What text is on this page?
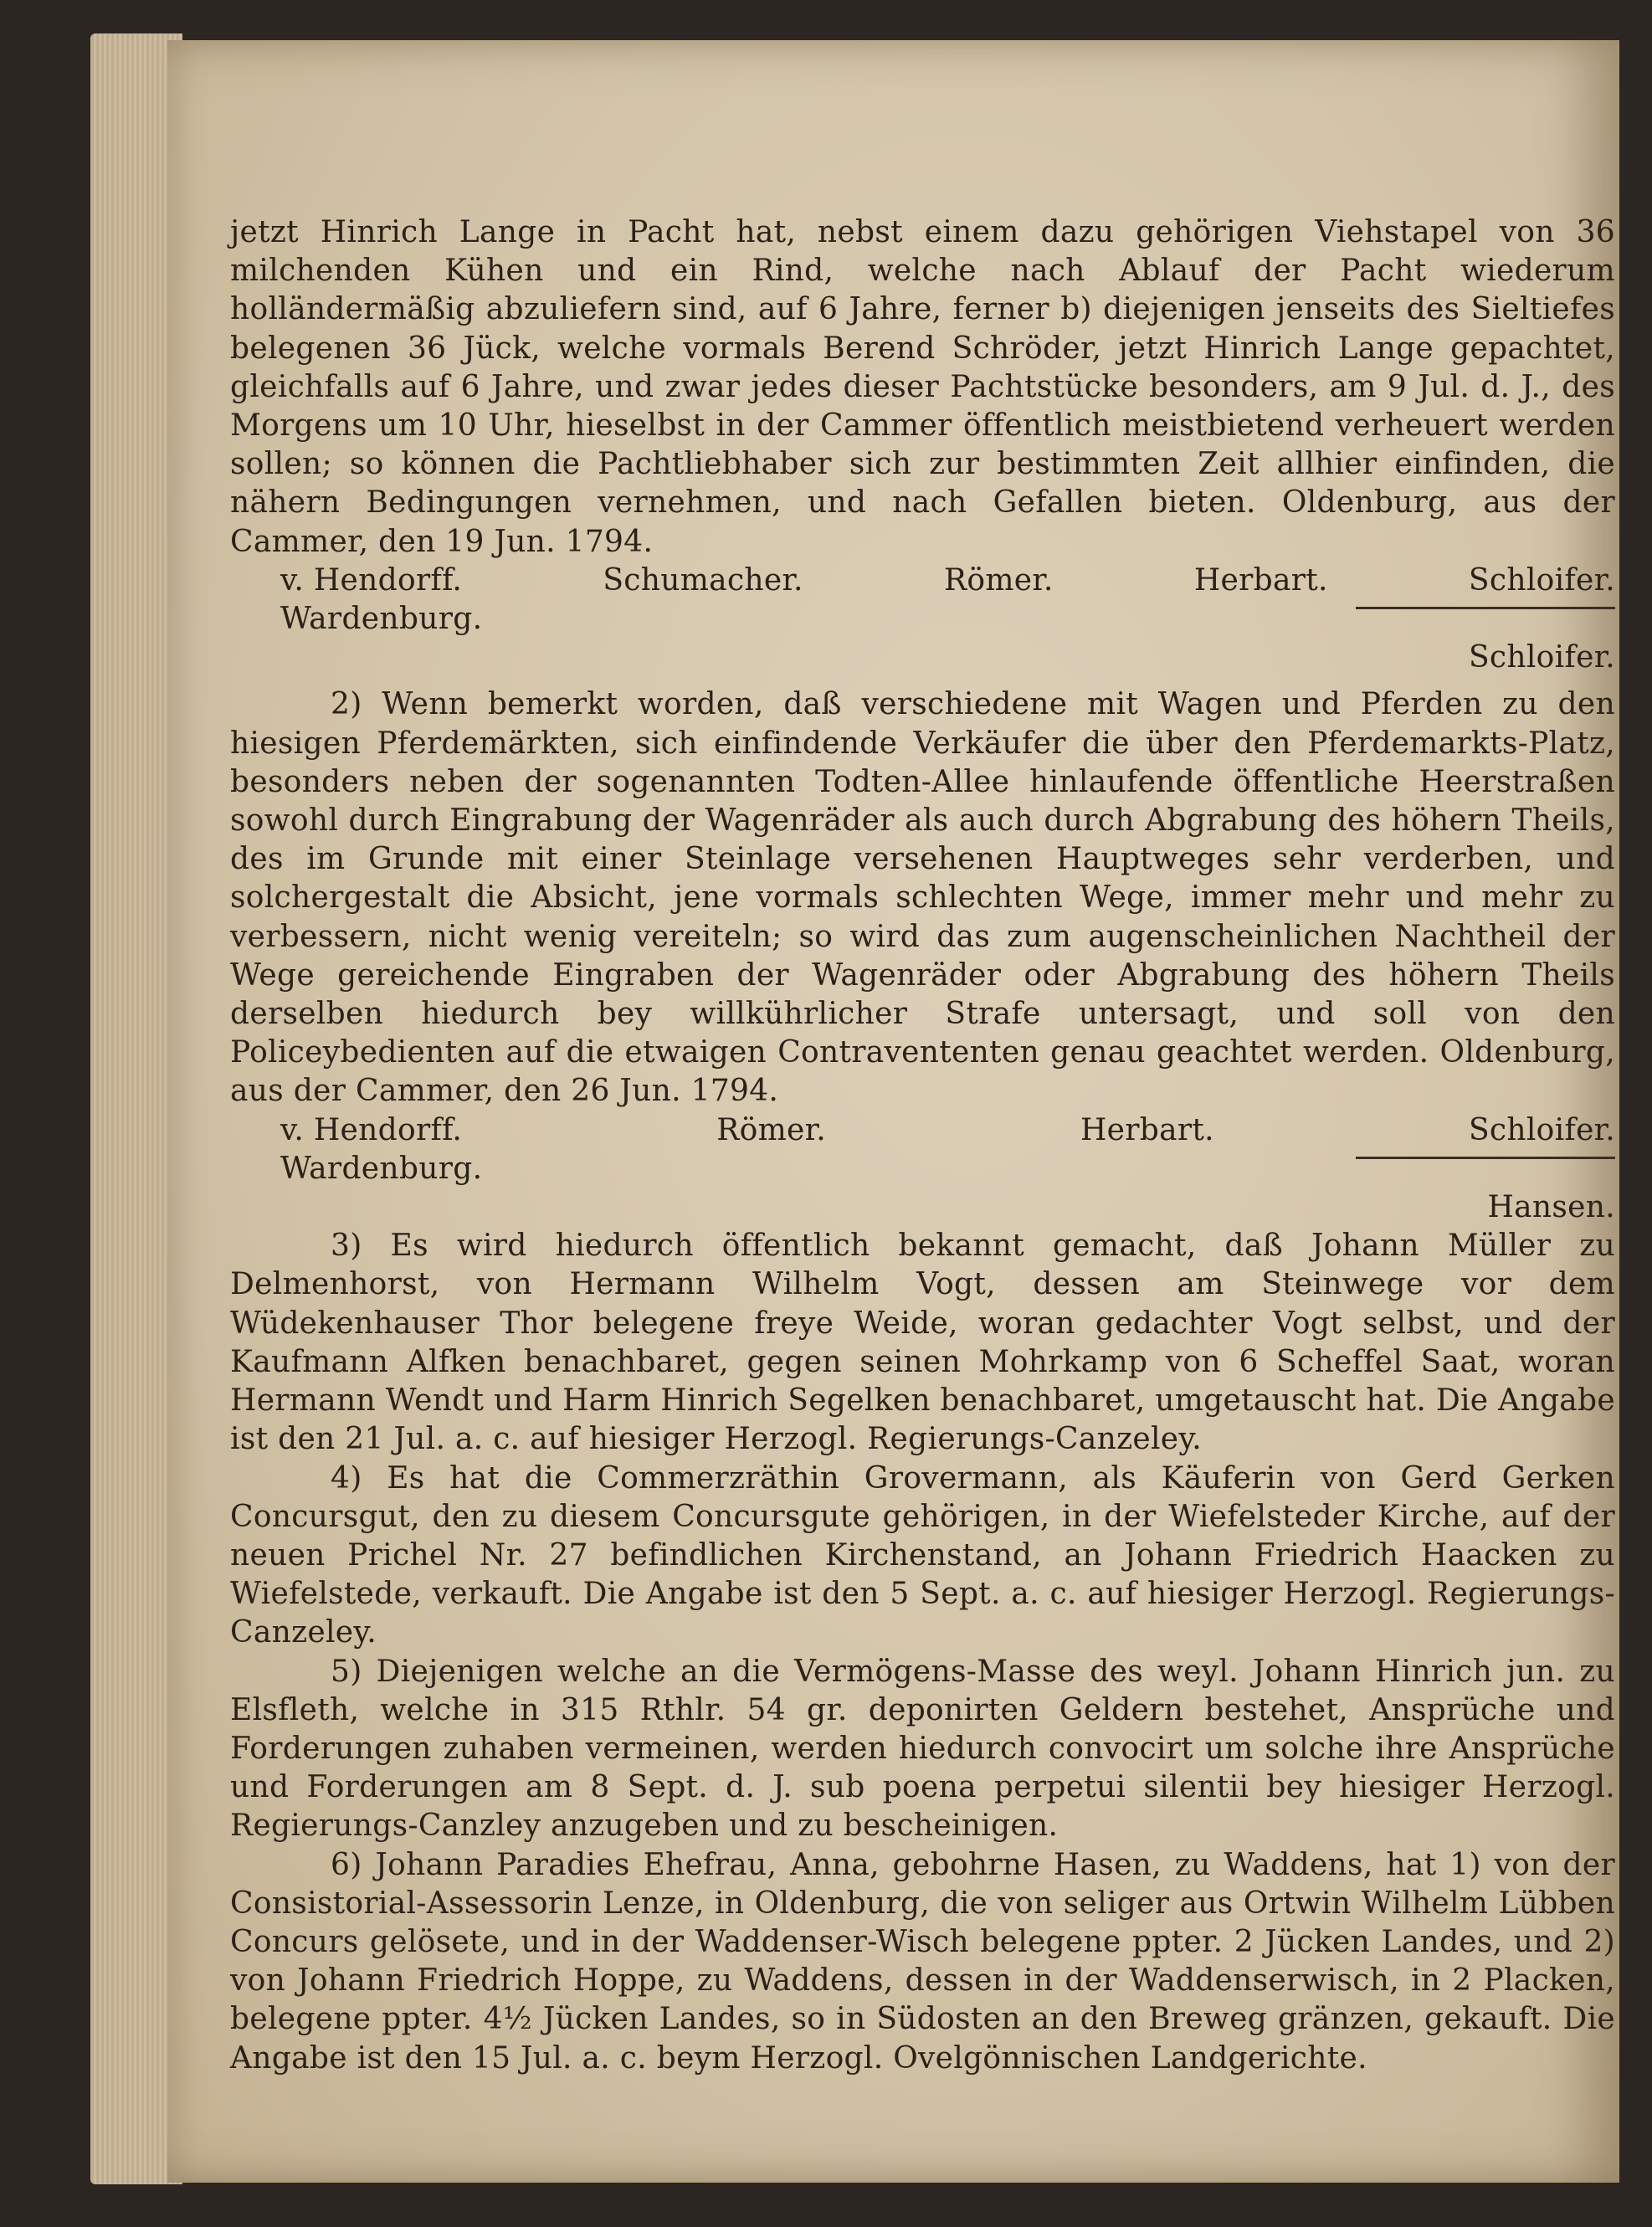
jetzt Hinrich Lange in Pacht hat, nebst einem dazu gehörigen Viehstapel von 36 milchenden Kühen und ein Rind, welche nach Ablauf der Pacht wiederum holländermäßig abzuliefern sind, auf 6 Jahre, ferner b) diejenigen jenseits des Sieltiefes belegenen 36 Jück, welche vormals Berend Schröder, jetzt Hinrich Lange gepachtet, gleichfalls auf 6 Jahre, und zwar jedes dieser Pachtstücke besonders, am 9 Jul. d. J., des Morgens um 10 Uhr, hieselbst in der Cammer öffentlich meistbietend verheuert werden sollen; so können die Pachtliebhaber sich zur bestimmten Zeit allhier einfinden, die nähern Bedingungen vernehmen, und nach Gefallen bieten. Oldenburg, aus der Cammer, den 19 Jun. 1794.

v. Hendorff.	Schumacher.	Römer.	Herbart.	Schloifer.
Wardenburg.

Schloifer.

2) Wenn bemerkt worden, daß verschiedene mit Wagen und Pferden zu den hiesigen Pferdemärkten, sich einfindende Verkäufer die über den Pferdemarkts-Platz, besonders neben der sogenannten Todten-Allee hinlaufende öffentliche Heerstraßen sowohl durch Eingrabung der Wagenräder als auch durch Abgrabung des höhern Theils, des im Grunde mit einer Steinlage versehenen Hauptweges sehr verderben, und solchergestalt die Absicht, jene vormals schlechten Wege, immer mehr und mehr zu verbessern, nicht wenig vereiteln; so wird das zum augenscheinlichen Nachtheil der Wege gereichende Eingraben der Wagenräder oder Abgrabung des höhern Theils derselben hiedurch bey willkührlicher Strafe untersagt, und soll von den Policeybedienten auf die etwaigen Contravententen genau geachtet werden. Oldenburg, aus der Cammer, den 26 Jun. 1794.

v. Hendorff.	Römer.	Herbart.	Schloifer.
Wardenburg.

Hansen.

3) Es wird hiedurch öffentlich bekannt gemacht, daß Johann Müller zu Delmenhorst, von Hermann Wilhelm Vogt, dessen am Steinwege vor dem Wüdekenhauser Thor belegene freye Weide, woran gedachter Vogt selbst, und der Kaufmann Alfken benachbaret, gegen seinen Mohrkamp von 6 Scheffel Saat, woran Hermann Wendt und Harm Hinrich Segelken benachbaret, umgetauscht hat. Die Angabe ist den 21 Jul. a. c. auf hiesiger Herzogl. Regierungs-Canzeley.

4) Es hat die Commerzräthin Grovermann, als Käuferin von Gerd Gerken Concursgut, den zu diesem Concursgute gehörigen, in der Wiefelsteder Kirche, auf der neuen Prichel Nr. 27 befindlichen Kirchenstand, an Johann Friedrich Haacken zu Wiefelstede, verkauft. Die Angabe ist den 5 Sept. a. c. auf hiesiger Herzogl. Regierungs-Canzeley.

5) Diejenigen welche an die Vermögens-Masse des weyl. Johann Hinrich jun. zu Elsfleth, welche in 315 Rthlr. 54 gr. deponirten Geldern bestehet, Ansprüche und Forderungen zuhaben vermeinen, werden hiedurch convocirt um solche ihre Ansprüche und Forderungen am 8 Sept. d. J. sub poena perpetui silentii bey hiesiger Herzogl. Regierungs-Canzley anzugeben und zu bescheinigen.

6) Johann Paradies Ehefrau, Anna, gebohrne Hasen, zu Waddens, hat 1) von der Consistorial-Assessorin Lenze, in Oldenburg, die von seliger aus Ortwin Wilhelm Lübben Concurs gelösete, und in der Waddenser-Wisch belegene ppter. 2 Jücken Landes, und 2) von Johann Friedrich Hoppe, zu Waddens, dessen in der Waddenserwisch, in 2 Placken, belegene ppter. 4½ Jücken Landes, so in Südosten an den Breweg gränzen, gekauft. Die Angabe ist den 15 Jul. a. c. beym Herzogl. Ovelgönnischen Landgerichte.
